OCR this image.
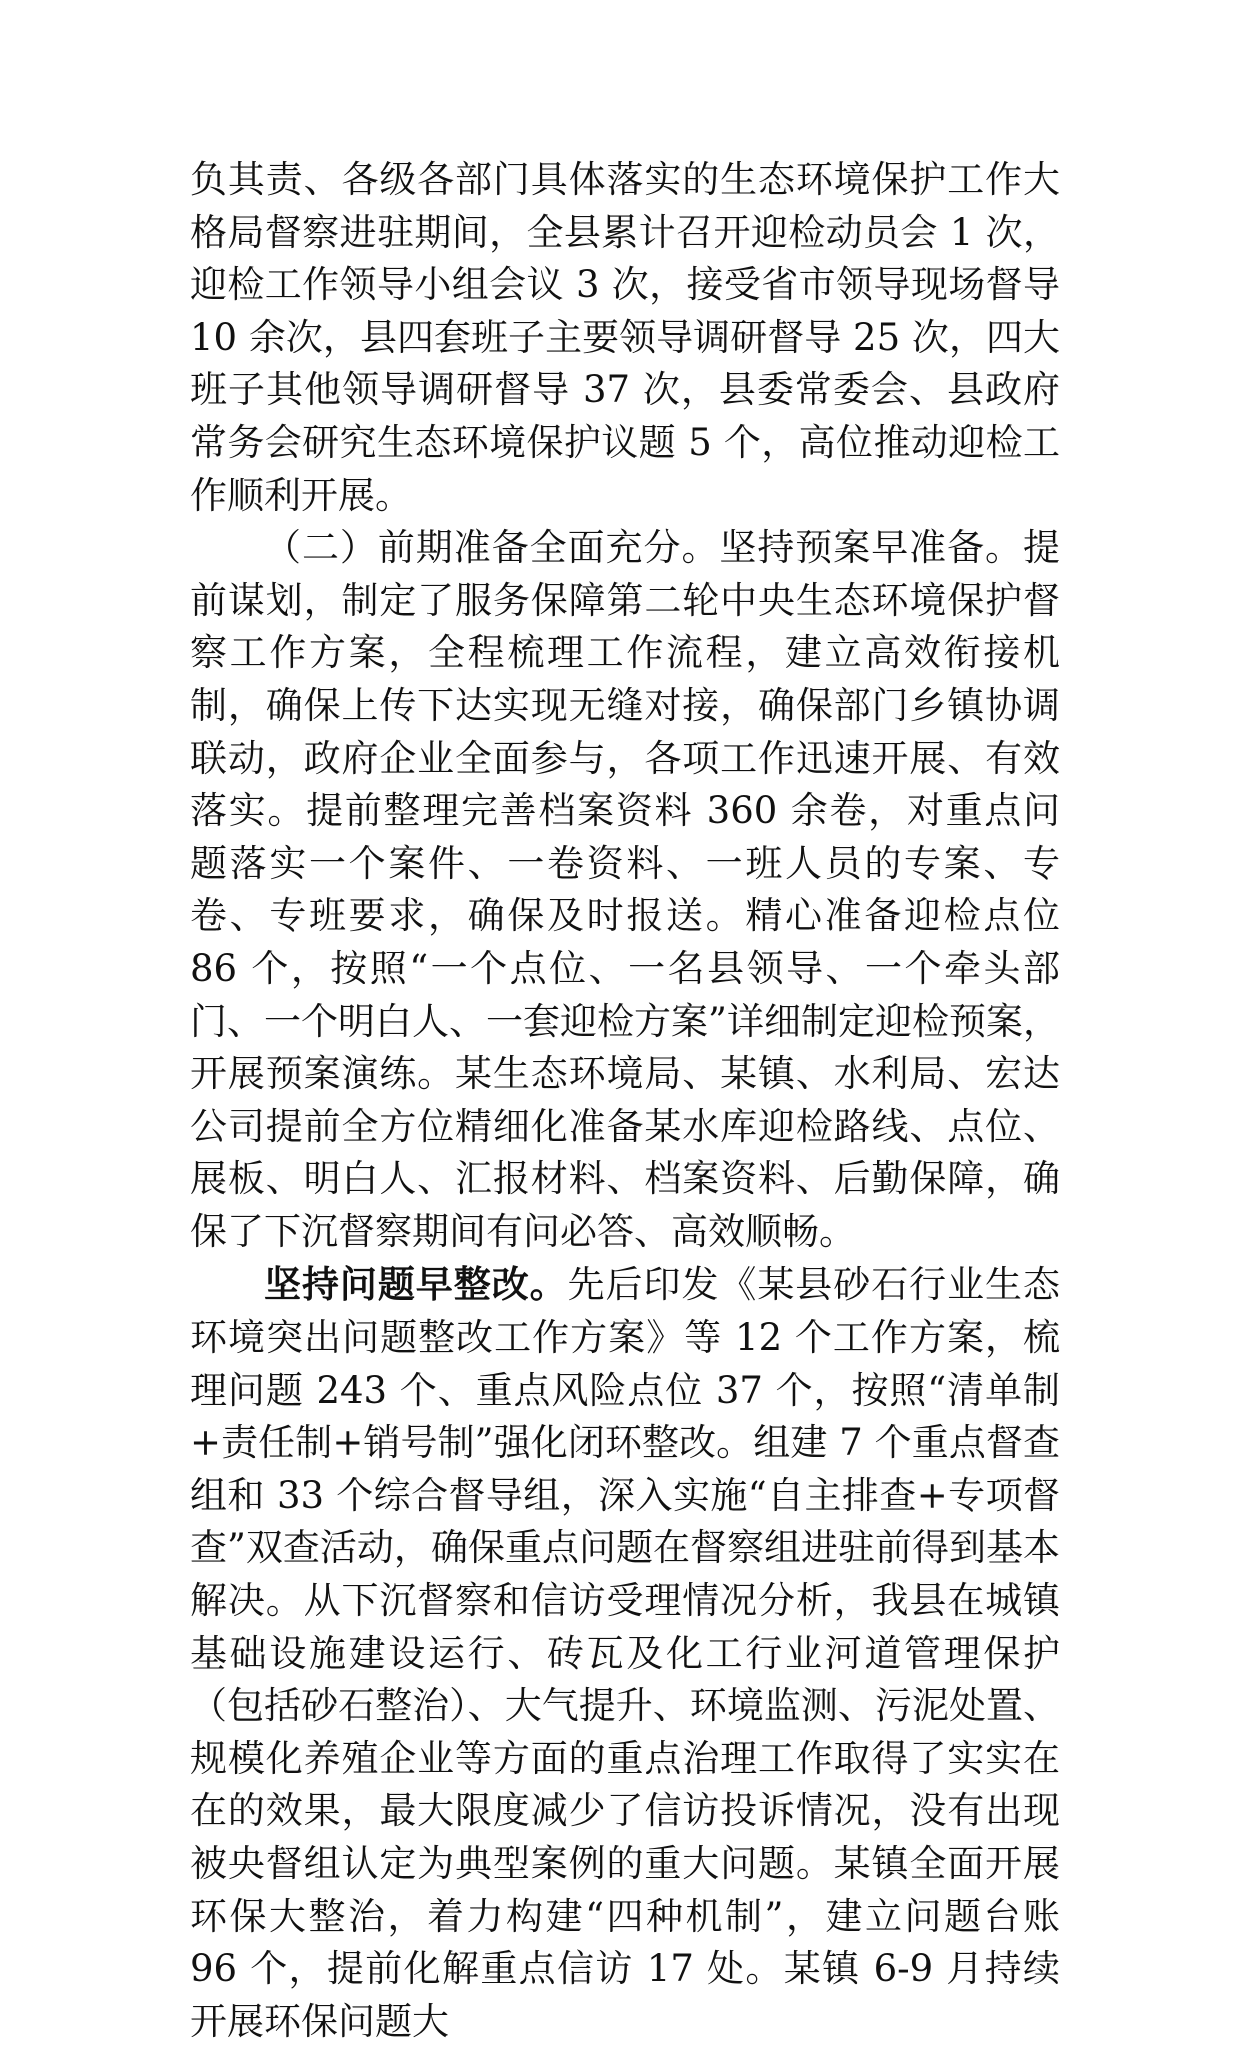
负其责、各级各部门具体落实的生态环境保护工作大格局督察进驻期间，全县累计召开迎检动员会 1 次，迎检工作领导小组会议 3 次，接受省市领导现场督导 10 余次，县四套班子主要领导调研督导 25 次，四大班子其他领导调研督导 37 次，县委常委会、县政府常务会研究生态环境保护议题 5 个，高位推动迎检工作顺利开展。

（二）前期准备全面充分。坚持预案早准备。提前谋划，制定了服务保障第二轮中央生态环境保护督察工作方案，全程梳理工作流程，建立高效衔接机制，确保上传下达实现无缝对接，确保部门乡镇协调联动，政府企业全面参与，各项工作迅速开展、有效落实。提前整理完善档案资料 360 余卷，对重点问题落实一个案件、一卷资料、一班人员的专案、专卷、专班要求，确保及时报送。精心准备迎检点位 86 个，按照“一个点位、一名县领导、一个牵头部门、一个明白人、一套迎检方案”详细制定迎检预案，开展预案演练。某生态环境局、某镇、水利局、宏达公司提前全方位精细化准备某水库迎检路线、点位、展板、明白人、汇报材料、档案资料、后勤保障，确保了下沉督察期间有问必答、高效顺畅。

坚持问题早整改。先后印发《某县砂石行业生态环境突出问题整改工作方案》等 12 个工作方案，梳理问题 243 个、重点风险点位 37 个，按照“清单制+责任制+销号制”强化闭环整改。组建 7 个重点督查组和 33 个综合督导组，深入实施“自主排查+专项督查”双查活动，确保重点问题在督察组进驻前得到基本解决。从下沉督察和信访受理情况分析，我县在城镇基础设施建设运行、砖瓦及化工行业河道管理保护（包括砂石整治）、大气提升、环境监测、污泥处置、规模化养殖企业等方面的重点治理工作取得了实实在在的效果，最大限度减少了信访投诉情况，没有出现被央督组认定为典型案例的重大问题。某镇全面开展环保大整治，着力构建“四种机制”，建立问题台账 96 个，提前化解重点信访 17 处。某镇 6-9 月持续开展环保问题大
